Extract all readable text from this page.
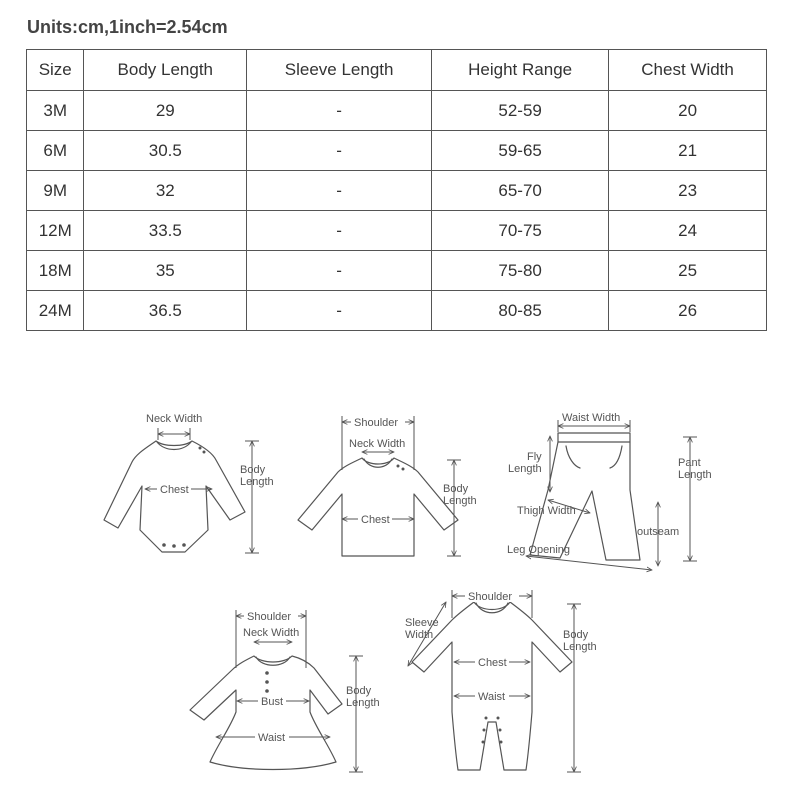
Units:cm,1inch=2.54cm
Size	Body Length	Sleeve Length	Height Range	Chest Width
3M	29	-	52-59	20
6M	30.5	-	59-65	21
9M	32	-	65-70	23
12M	33.5	-	70-75	24
18M	35	-	75-80	25
24M	36.5	-	80-85	26
Neck Width
Chest
Body
Length
Shoulder
Neck Width
Chest
Body
Length
Waist Width
Fly
Length	Pant
Length
Thigh Width
outseam
Leg Opening
Shoulder
Neck Width
Bust
Waist
Body
Length
Shoulder
Sleeve
Width
Chest
Waist
Body
Length
